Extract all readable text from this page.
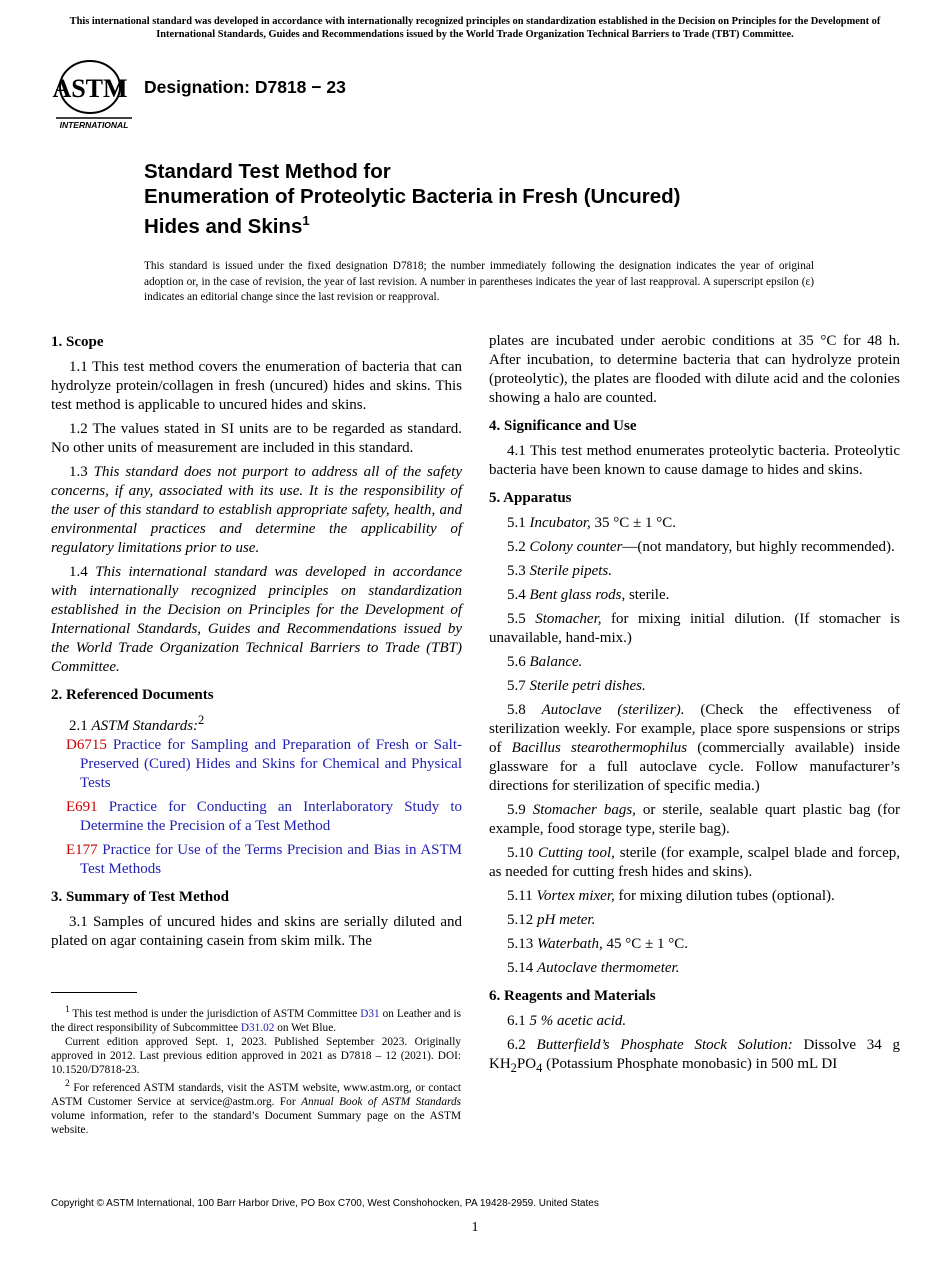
This international standard was developed in accordance with internationally recognized principles on standardization established in the Decision on Principles for the Development of International Standards, Guides and Recommendations issued by the World Trade Organization Technical Barriers to Trade (TBT) Committee.
ASTM
INTERNATIONAL
Designation: D7818 − 23
Standard Test Method for
Enumeration of Proteolytic Bacteria in Fresh (Uncured)
Hides and Skins$^1$
This standard is issued under the fixed designation D7818; the number immediately following the designation indicates the year of original adoption or, in the case of revision, the year of last revision. A number in parentheses indicates the year of last reapproval. A superscript epsilon (ε) indicates an editorial change since the last revision or reapproval.
1. Scope

1.1 This test method covers the enumeration of bacteria that can hydrolyze protein/collagen in fresh (uncured) hides and skins. This test method is applicable to uncured hides and skins.

1.2 The values stated in SI units are to be regarded as standard. No other units of measurement are included in this standard.

1.3 This standard does not purport to address all of the safety concerns, if any, associated with its use. It is the responsibility of the user of this standard to establish appropriate safety, health, and environmental practices and determine the applicability of regulatory limitations prior to use.

1.4 This international standard was developed in accordance with internationally recognized principles on standardization established in the Decision on Principles for the Development of International Standards, Guides and Recommendations issued by the World Trade Organization Technical Barriers to Trade (TBT) Committee.

2. Referenced Documents

2.1 ASTM Standards:$^2$

D6715 Practice for Sampling and Preparation of Fresh or Salt-Preserved (Cured) Hides and Skins for Chemical and Physical Tests

E691 Practice for Conducting an Interlaboratory Study to Determine the Precision of a Test Method

E177 Practice for Use of the Terms Precision and Bias in ASTM Test Methods

3. Summary of Test Method

3.1 Samples of uncured hides and skins are serially diluted and plated on agar containing casein from skim milk. The

plates are incubated under aerobic conditions at 35 °C for 48 h. After incubation, to determine bacteria that can hydrolyze protein (proteolytic), the plates are flooded with dilute acid and the colonies showing a halo are counted.

4. Significance and Use

4.1 This test method enumerates proteolytic bacteria. Proteolytic bacteria have been known to cause damage to hides and skins.

5. Apparatus

5.1 Incubator, 35 °C ± 1 °C.

5.2 Colony counter—(not mandatory, but highly recommended).

5.3 Sterile pipets.

5.4 Bent glass rods, sterile.

5.5 Stomacher, for mixing initial dilution. (If stomacher is unavailable, hand-mix.)

5.6 Balance.

5.7 Sterile petri dishes.

5.8 Autoclave (sterilizer). (Check the effectiveness of sterilization weekly. For example, place spore suspensions or strips of Bacillus stearothermophilus (commercially available) inside glassware for a full autoclave cycle. Follow manufacturer’s directions for sterilization of specific media.)

5.9 Stomacher bags, or sterile, sealable quart plastic bag (for example, food storage type, sterile bag).

5.10 Cutting tool, sterile (for example, scalpel blade and forcep, as needed for cutting fresh hides and skins).

5.11 Vortex mixer, for mixing dilution tubes (optional).

5.12 pH meter.

5.13 Waterbath, 45 °C ± 1 °C.

5.14 Autoclave thermometer.

6. Reagents and Materials

6.1 5 % acetic acid.

6.2 Butterfield’s Phosphate Stock Solution: Dissolve 34 g $KH_2PO_4$ (Potassium Phosphate monobasic) in 500 mL DI

$^1$ This test method is under the jurisdiction of ASTM Committee D31 on Leather and is the direct responsibility of Subcommittee D31.02 on Wet Blue.

Current edition approved Sept. 1, 2023. Published September 2023. Originally approved in 2012. Last previous edition approved in 2021 as D7818 – 12 (2021). DOI: 10.1520/D7818-23.

$^2$ For referenced ASTM standards, visit the ASTM website, www.astm.org, or contact ASTM Customer Service at service@astm.org. For Annual Book of ASTM Standards volume information, refer to the standard’s Document Summary page on the ASTM website.

Copyright © ASTM International, 100 Barr Harbor Drive, PO Box C700, West Conshohocken, PA 19428-2959. United States
1
